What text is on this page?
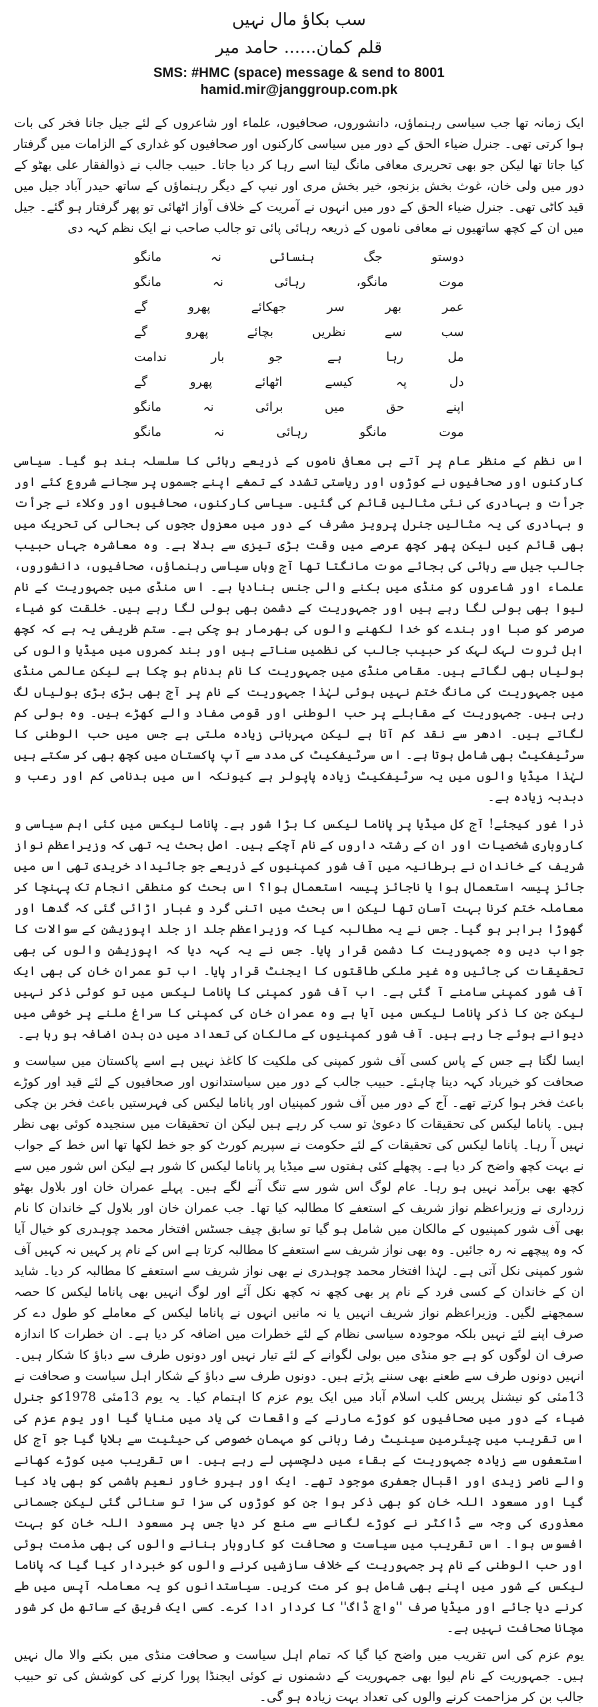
سب بکاؤ مال نہیں
قلم کمان...... حامد میر
SMS: #HMC (space) message & send to 8001
hamid.mir@janggroup.com.pk

ایک زمانہ تھا جب سیاسی رہنماؤں، دانشوروں، صحافیوں، علماء اور شاعروں کے لئے جیل جانا فخر کی بات ہوا کرتی تھی۔ جنرل ضیاء الحق کے دور میں سیاسی کارکنوں اور صحافیوں کو غداری کے الزامات میں گرفتار کیا جاتا تھا لیکن جو بھی تحریری معافی مانگ لیتا اسے رہا کر دیا جاتا۔ حبیب جالب نے ذوالفقار علی بھٹو کے دور میں ولی خان، غوث بخش بزنجو، خیر بخش مری اور نیپ کے دیگر رہنماؤں کے ساتھ حیدر آباد جیل میں قید کاٹی تھی۔ جنرل ضیاء الحق کے دور میں انہوں نے آمریت کے خلاف آواز اٹھائی تو پھر گرفتار ہو گئے۔ جیل میں ان کے کچھ ساتھیوں نے معافی ناموں کے ذریعہ رہائی پائی تو جالب صاحب نے ایک نظم کہہ دی

دوستو
جگ
ہنسائی
نہ
مانگو
موت
مانگو،
رہائی
نہ
مانگو
عمر
بھر
سر
جھکائے
پھرو
گے
سب
سے
نظریں
بچائے
پھرو
گے
مل
رہا
ہے
جو
بار
ندامت
دل
پہ
کیسے
اٹھائے
پھرو
گے
اپنے
حق
میں
برائی
نہ
مانگو
موت
مانگو
رہائی
نہ
مانگو

اس نظم کے منظر عام پر آتے ہی معافی ناموں کے ذریعے رہائی کا سلسلہ بند ہو گیا۔ سیاسی کارکنوں اور صحافیوں نے کوڑوں اور ریاستی تشدد کے تمغے اپنے جسموں پر سجانے شروع کئے اور جرأت و بہادری کی نئی مثالیں قائم کی گئیں۔ سیاسی کارکنوں، صحافیوں اور وکلاء نے جرأت و بہادری کی یہ مثالیں جنرل پرویز مشرف کے دور میں معزول ججوں کی بحالی کی تحریک میں بھی قائم کیں لیکن پھر کچھ عرصے میں وقت بڑی تیزی سے بدلا ہے۔ وہ معاشرہ جہاں حبیب جالب جیل سے رہائی کی بجائے موت مانگتا تھا آج وہاں سیاسی رہنماؤں، صحافیوں، دانشوروں، علماء اور شاعروں کو منڈی میں بکنے والی جنس بنادیا ہے۔ اس منڈی میں جمہوریت کے نام لیوا بھی بولی لگا رہے ہیں اور جمہوریت کے دشمن بھی بولی لگا رہے ہیں۔ خلقت کو ضیاء صرصر کو صبا اور بندے کو خدا لکھنے والوں کی بھرمار ہو چکی ہے۔ ستم ظریفی یہ ہے کہ کچھ اہل ثروت لہک لہک کر حبیب جالب کی نظمیں سناتے ہیں اور بند کمروں میں میڈیا والوں کی بولیاں بھی لگاتے ہیں۔ مقامی منڈی میں جمہوریت کا نام بدنام ہو چکا ہے لیکن عالمی منڈی میں جمہوریت کی مانگ ختم نہیں ہوئی لہٰذا جمہوریت کے نام پر آج بھی بڑی بڑی بولیاں لگ رہی ہیں۔ جمہوریت کے مقابلے پر حب الوطنی اور قومی مفاد والے کھڑے ہیں۔ وہ بولی کم لگاتے ہیں۔ ادھر سے نقد کم آتا ہے لیکن مہربانی زیادہ ملتی ہے جس میں حب الوطنی کا سرٹیفکیٹ بھی شامل ہوتا ہے۔ اس سرٹیفکیٹ کی مدد سے آپ پاکستان میں کچھ بھی کر سکتے ہیں لہٰذا میڈیا والوں میں یہ سرٹیفکیٹ زیادہ پاپولر ہے کیونکہ اس میں بدنامی کم اور رعب و دبدبہ زیادہ ہے۔

ذرا غور کیجئے! آج کل میڈیا پر پاناما لیکس کا بڑا شور ہے۔ پاناما لیکس میں کئی اہم سیاسی و کاروباری شخصیات اور ان کے رشتہ داروں کے نام آچکے ہیں۔ اصل بحث یہ تھی کہ وزیراعظم نواز شریف کے خاندان نے برطانیہ میں آف شور کمپنیوں کے ذریعے جو جائیداد خریدی تھی اس میں جائز پیسہ استعمال ہوا یا ناجائز پیسہ استعمال ہوا؟ اس بحث کو منطقی انجام تک پہنچا کر معاملہ ختم کرنا بہت آسان تھا لیکن اس بحث میں اتنی گرد و غبار اڑائی گئی کہ گدھا اور گھوڑا برابر ہو گیا۔ جس نے یہ مطالبہ کیا کہ وزیراعظم جلد از جلد اپوزیشن کے سوالات کا جواب دیں وہ جمہوریت کا دشمن قرار پایا۔ جس نے یہ کہہ دیا کہ اپوزیشن والوں کی بھی تحقیقات کی جائیں وہ غیر ملکی طاقتوں کا ایجنٹ قرار پایا۔ اب تو عمران خان کی بھی ایک آف شور کمپنی سامنے آ گئی ہے۔ اب آف شور کمپنی کا پاناما لیکس میں تو کوئی ذکر نہیں لیکن جن کا ذکر پاناما لیکس میں آیا ہے وہ عمران خان کی کمپنی کا سراغ ملنے پر خوشی میں دیوانے ہوئے جا رہے ہیں۔ آف شور کمپنیوں کے مالکان کی تعداد میں دن بدن اضافہ ہو رہا ہے۔

ایسا لگتا ہے جس کے پاس کسی آف شور کمپنی کی ملکیت کا کاغذ نہیں ہے اسے پاکستان میں سیاست و صحافت کو خیرباد کہہ دینا چاہئے۔ حبیب جالب کے دور میں سیاستدانوں اور صحافیوں کے لئے قید اور کوڑے باعث فخر ہوا کرتے تھے۔ آج کے دور میں آف شور کمپنیاں اور پاناما لیکس کی فہرستیں باعث فخر بن چکی ہیں۔ پاناما لیکس کی تحقیقات کا دعویٰ تو سب کر رہے ہیں لیکن ان تحقیقات میں سنجیدہ کوئی بھی نظر نہیں آ رہا۔ پاناما لیکس کی تحقیقات کے لئے حکومت نے سپریم کورٹ کو جو خط لکھا تھا اس خط کے جواب نے بہت کچھ واضح کر دیا ہے۔ پچھلے کئی ہفتوں سے میڈیا پر پاناما لیکس کا شور ہے لیکن اس شور میں سے کچھ بھی برآمد نہیں ہو رہا۔ عام لوگ اس شور سے تنگ آنے لگے ہیں۔ پہلے عمران خان اور بلاول بھٹو زرداری نے وزیراعظم نواز شریف کے استعفے کا مطالبہ کیا تھا۔ جب عمران خان اور بلاول کے خاندان کا نام بھی آف شور کمپنیوں کے مالکان میں شامل ہو گیا تو سابق چیف جسٹس افتخار محمد چوہدری کو خیال آیا کہ وہ پیچھے نہ رہ جائیں۔ وہ بھی نواز شریف سے استعفے کا مطالبہ کرتا ہے اس کے نام پر کہیں نہ کہیں آف شور کمپنی نکل آتی ہے۔ لہٰذا افتخار محمد چوہدری نے بھی نواز شریف سے استعفے کا مطالبہ کر دیا۔ شاید ان کے خاندان کے کسی فرد کے نام پر بھی کچھ نہ کچھ نکل آئے اور لوگ انہیں بھی پاناما لیکس کا حصہ سمجھنے لگیں۔ وزیراعظم نواز شریف انہیں یا نہ مانیں انہوں نے پاناما لیکس کے معاملے کو طول دے کر صرف اپنے لئے نہیں بلکہ موجودہ سیاسی نظام کے لئے خطرات میں اضافہ کر دیا ہے۔ ان خطرات کا اندازہ صرف ان لوگوں کو ہے جو منڈی میں بولی لگوانے کے لئے تیار نہیں اور دونوں طرف سے دباؤ کا شکار ہیں۔ انہیں دونوں طرف سے طعنے بھی سننے پڑتے ہیں۔ دونوں طرف سے دباؤ کے شکار اہل سیاست و صحافت نے 13مئی کو نیشنل پریس کلب اسلام آباد میں ایک یوم عزم کا اہتمام کیا۔ یہ یوم 13مئی 1978کو جنرل ضیاء کے دور میں صحافیوں کو کوڑے مارنے کے واقعات کی یاد میں منایا گیا اور یوم عزم کی اس تقریب میں چیئرمین سینیٹ رضا ربانی کو مہمان خصوصی کی حیثیت سے بلایا گیا جو آج کل استعفوں سے زیادہ جمہوریت کے بقاء میں دلچسپی لے رہے ہیں۔ اس تقریب میں کوڑے کھانے والے ناصر زیدی اور اقبال جعفری موجود تھے۔ ایک اور ہیرو خاور نعیم ہاشمی کو بھی یاد کیا گیا اور مسعود اللہ خان کو بھی ذکر ہوا جن کو کوڑوں کی سزا تو سنائی گئی لیکن جسمانی معذوری کی وجہ سے ڈاکٹر نے کوڑے لگانے سے منع کر دیا جس پر مسعود اللہ خان کو بہت افسوس ہوا۔ اس تقریب میں سیاست و صحافت کو کاروبار بنانے والوں کی بھی مذمت ہوئی اور حب الوطنی کے نام پر جمہوریت کے خلاف سازشیں کرنے والوں کو خبردار کیا گیا کہ پاناما لیکس کے شور میں اپنے بھی شامل ہو کر مت کریں۔ سیاستدانوں کو یہ معاملہ آپس میں طے کرنے دیا جائے اور میڈیا صرف ''واچ ڈاگ'' کا کردار ادا کرے۔ کسی ایک فریق کے ساتھ مل کر شور مچانا صحافت نہیں ہے۔

یوم عزم کی اس تقریب میں واضح کیا گیا کہ تمام اہل سیاست و صحافت منڈی میں بکنے والا مال نہیں ہیں۔ جمہوریت کے نام لیوا بھی جمہوریت کے دشمنوں نے کوئی ایجنڈا پورا کرنے کی کوشش کی تو حبیب جالب بن کر مزاحمت کرنے والوں کی تعداد بہت زیادہ ہو گی۔
